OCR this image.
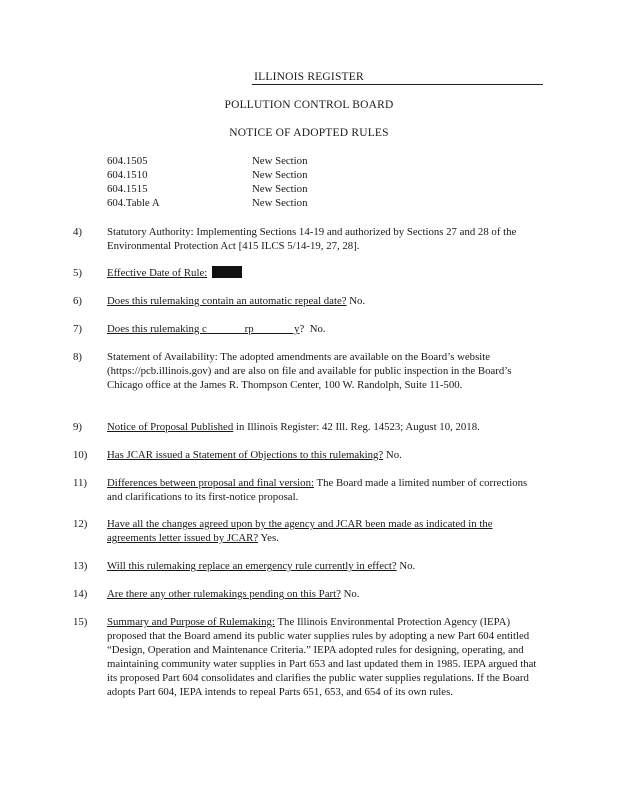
ILLINOIS REGISTER
POLLUTION CONTROL BOARD
NOTICE OF ADOPTED RULES
604.1505	New Section
604.1510	New Section
604.1515	New Section
604.Table A	New Section
4) Statutory Authority: Implementing Sections 14-19 and authorized by Sections 27 and 28 of the Environmental Protection Act [415 ILCS 5/14-19, 27, 28].
5) Effective Date of Rule:
6) Does this rulemaking contain an automatic repeal date? No.
7) Does this rulemaking c              rp               y?  No.
8) Statement of Availability: The adopted amendments are available on the Board’s website (https://pcb.illinois.gov) and are also on file and available for public inspection in the Board’s Chicago office at the James R. Thompson Center, 100 W. Randolph, Suite 11-500.
9) Notice of Proposal Published in Illinois Register: 42 Ill. Reg. 14523; August 10, 2018.
10) Has JCAR issued a Statement of Objections to this rulemaking? No.
11) Differences between proposal and final version: The Board made a limited number of corrections and clarifications to its first-notice proposal.
12) Have all the changes agreed upon by the agency and JCAR been made as indicated in the agreements letter issued by JCAR? Yes.
13) Will this rulemaking replace an emergency rule currently in effect? No.
14) Are there any other rulemakings pending on this Part? No.
15) Summary and Purpose of Rulemaking: The Illinois Environmental Protection Agency (IEPA) proposed that the Board amend its public water supplies rules by adopting a new Part 604 entitled “Design, Operation and Maintenance Criteria.” IEPA adopted rules for designing, operating, and maintaining community water supplies in Part 653 and last updated them in 1985. IEPA argued that its proposed Part 604 consolidates and clarifies the public water supplies regulations. If the Board adopts Part 604, IEPA intends to repeal Parts 651, 653, and 654 of its own rules.
